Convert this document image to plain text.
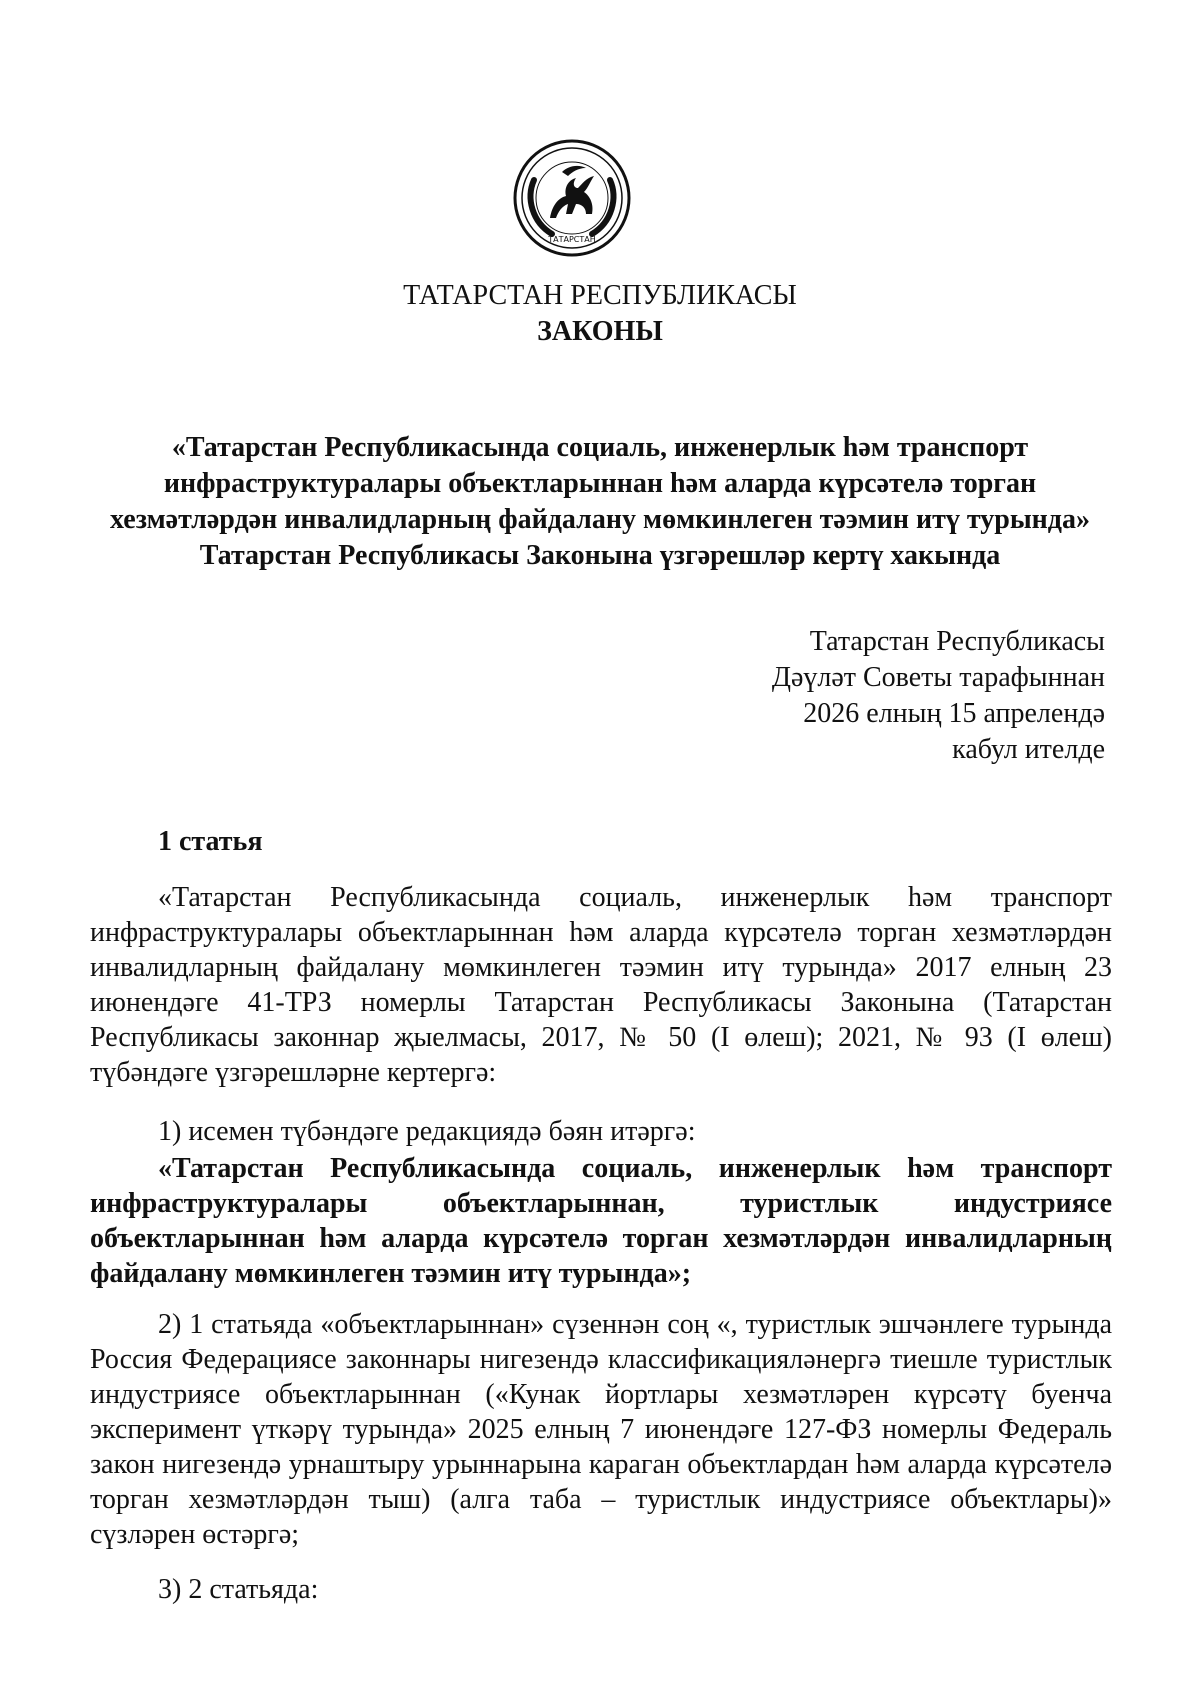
ТАТАРСТАН
ТАТАРСТАН РЕСПУБЛИКАСЫ
ЗАКОНЫ
«Татарстан Республикасында социаль, инженерлык һәм транспорт
инфраструктуралары объектларыннан һәм аларда күрсәтелә торган
хезмәтләрдән инвалидларның файдалану мөмкинлеген тәэмин итү турында»
Татарстан Республикасы Законына үзгәрешләр кертү хакында
Татарстан Республикасы
Дәүләт Советы тарафыннан
2026 елның 15 апрелендә
кабул ителде
1 статья

«Татарстан Республикасында социаль, инженерлык һәм транспорт инфраструктуралары объектларыннан һәм аларда күрсәтелә торган хезмәтләрдән инвалидларның файдалану мөмкинлеген тәэмин итү турында» 2017 елның 23 июнендәге 41-ТРЗ номерлы Татарстан Республикасы Законына (Татарстан Республикасы законнар җыелмасы, 2017, № 50 (I өлеш); 2021, № 93 (I өлеш) түбәндәге үзгәрешләрне кертергә:

1) исемен түбәндәге редакциядә бәян итәргә:

«Татарстан Республикасында социаль, инженерлык һәм транспорт инфраструктуралары объектларыннан, туристлык индустриясе объектларыннан һәм аларда күрсәтелә торган хезмәтләрдән инвалидларның файдалану мөмкинлеген тәэмин итү турында»;

2) 1 статьяда «объектларыннан» сүзеннән соң «, туристлык эшчәнлеге турында Россия Федерациясе законнары нигезендә классификацияләнергә тиешле туристлык индустриясе объектларыннан («Кунак йортлары хезмәтләрен күрсәтү буенча эксперимент үткәрү турында» 2025 елның 7 июнендәге 127-ФЗ номерлы Федераль закон нигезендә урнаштыру урыннарына караган объектлардан һәм аларда күрсәтелә торган хезмәтләрдән тыш) (алга таба – туристлык индустриясе объектлары)» сүзләрен өстәргә;

3) 2 статьяда:
